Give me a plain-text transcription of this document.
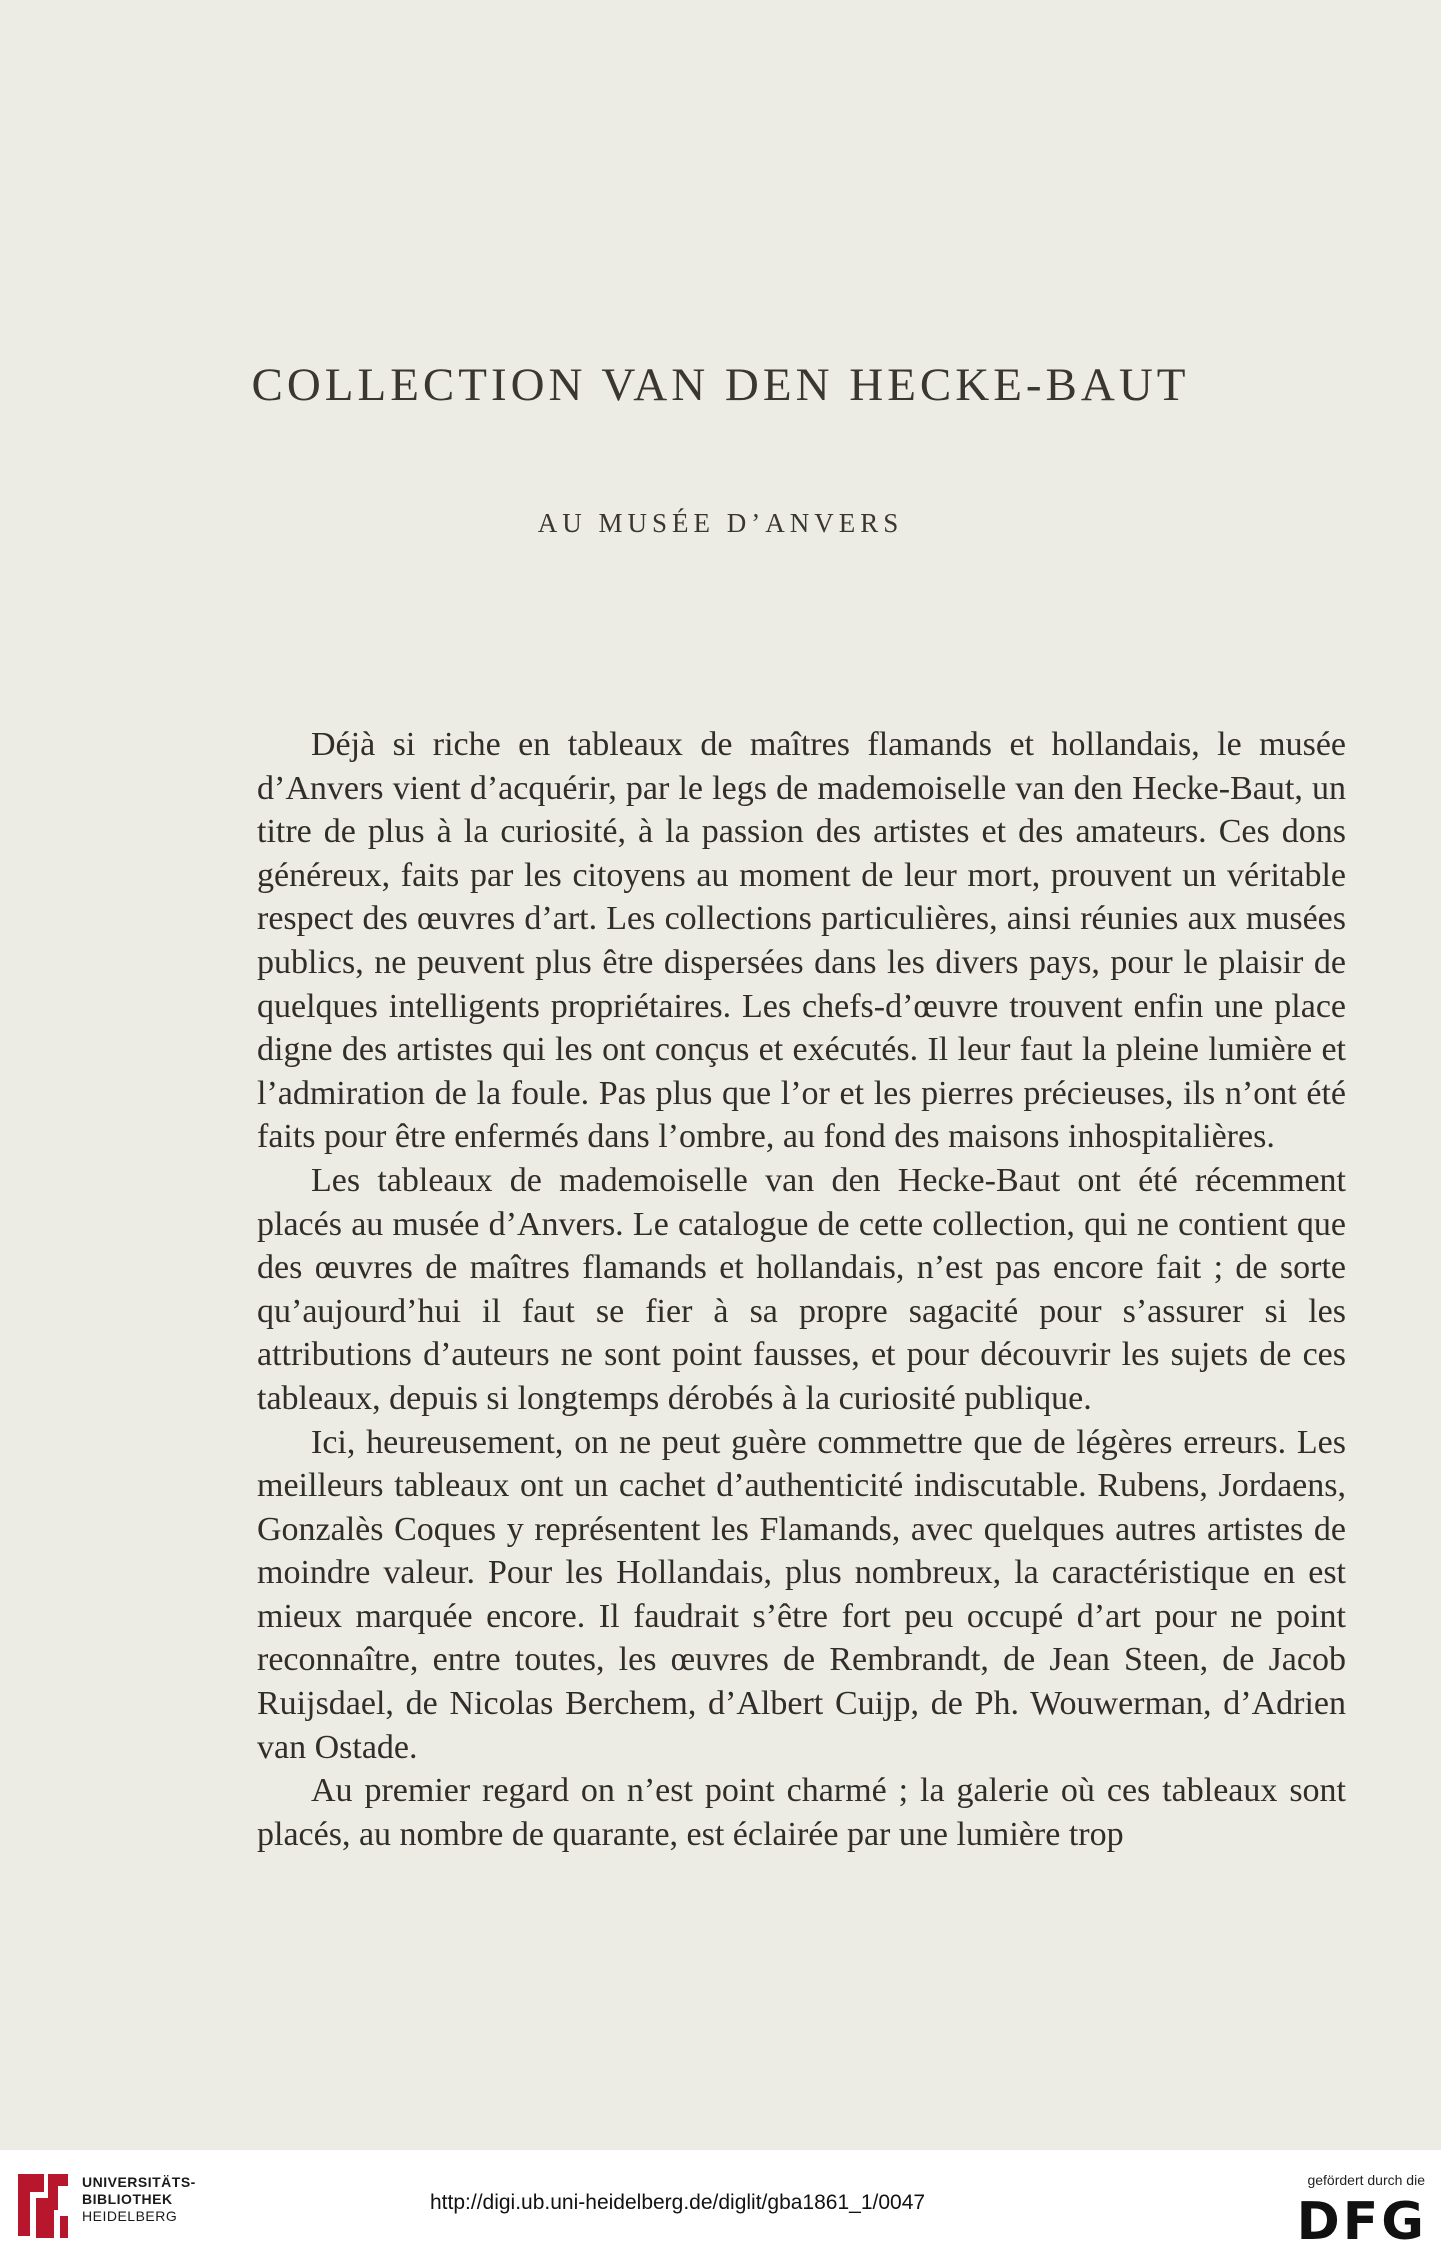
COLLECTION VAN DEN HECKE-BAUT
AU MUSÉE D’ANVERS

Déjà si riche en tableaux de maîtres flamands et hollandais, le musée d’Anvers vient d’acquérir, par le legs de mademoiselle van den Hecke-Baut, un titre de plus à la curiosité, à la passion des artistes et des amateurs. Ces dons généreux, faits par les citoyens au moment de leur mort, prouvent un véritable respect des œuvres d’art. Les collections particulières, ainsi réunies aux musées publics, ne peuvent plus être dispersées dans les divers pays, pour le plaisir de quelques intelligents propriétaires. Les chefs-d’œuvre trouvent enfin une place digne des artistes qui les ont conçus et exécutés. Il leur faut la pleine lumière et l’admiration de la foule. Pas plus que l’or et les pierres précieuses, ils n’ont été faits pour être enfermés dans l’ombre, au fond des maisons inhospitalières.

Les tableaux de mademoiselle van den Hecke-Baut ont été récemment placés au musée d’Anvers. Le catalogue de cette collection, qui ne contient que des œuvres de maîtres flamands et hollandais, n’est pas encore fait ; de sorte qu’aujourd’hui il faut se fier à sa propre sagacité pour s’assurer si les attributions d’auteurs ne sont point fausses, et pour découvrir les sujets de ces tableaux, depuis si longtemps dérobés à la curiosité publique.

Ici, heureusement, on ne peut guère commettre que de légères erreurs. Les meilleurs tableaux ont un cachet d’authenticité indiscutable. Rubens, Jordaens, Gonzalès Coques y représentent les Flamands, avec quelques autres artistes de moindre valeur. Pour les Hollandais, plus nombreux, la caractéristique en est mieux marquée encore. Il faudrait s’être fort peu occupé d’art pour ne point reconnaître, entre toutes, les œuvres de Rembrandt, de Jean Steen, de Jacob Ruijsdael, de Nicolas Berchem, d’Albert Cuijp, de Ph. Wouwerman, d’Adrien van Ostade.

Au premier regard on n’est point charmé ; la galerie où ces tableaux sont placés, au nombre de quarante, est éclairée par une lumière trop

UNIVERSITÄTS-
BIBLIOTHEK
HEIDELBERG
http://digi.ub.uni-heidelberg.de/diglit/gba1861_1/0047
gefördert durch die
DFG
